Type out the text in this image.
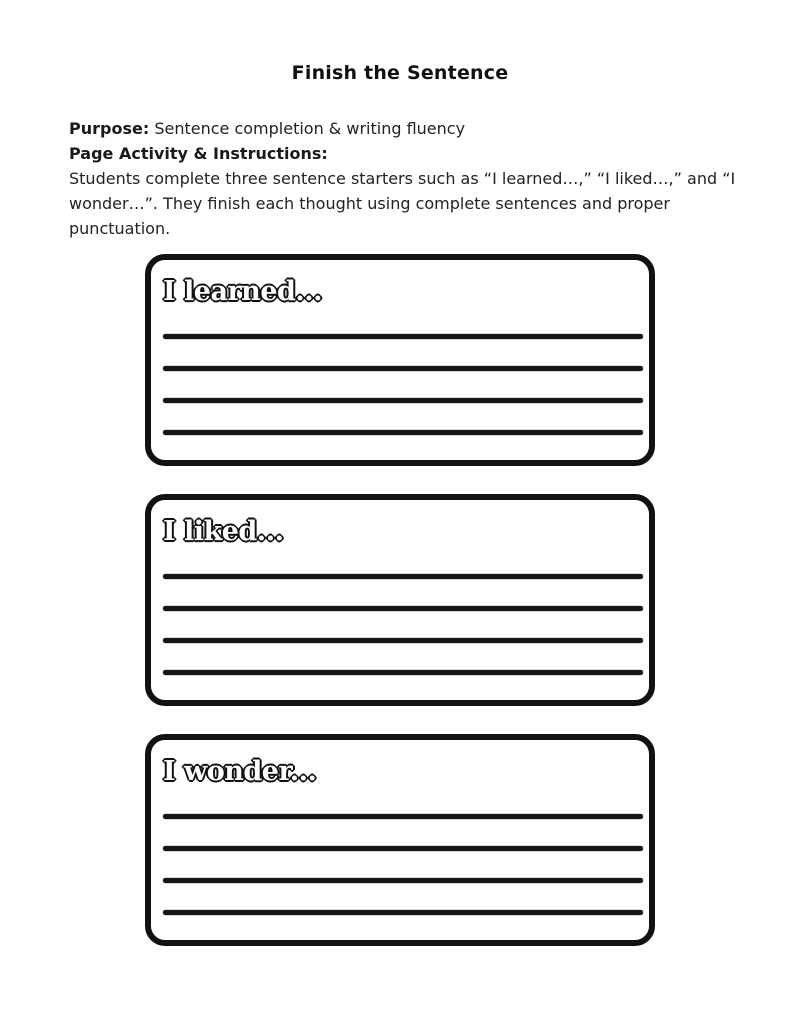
Finish the Sentence

Purpose: Sentence completion & writing fluency

Page Activity & Instructions:

Students complete three sentence starters such as “I learned…,” “I liked…,” and “I wonder…”. They finish each thought using complete sentences and proper punctuation.

I learned...
I liked...
I wonder...
